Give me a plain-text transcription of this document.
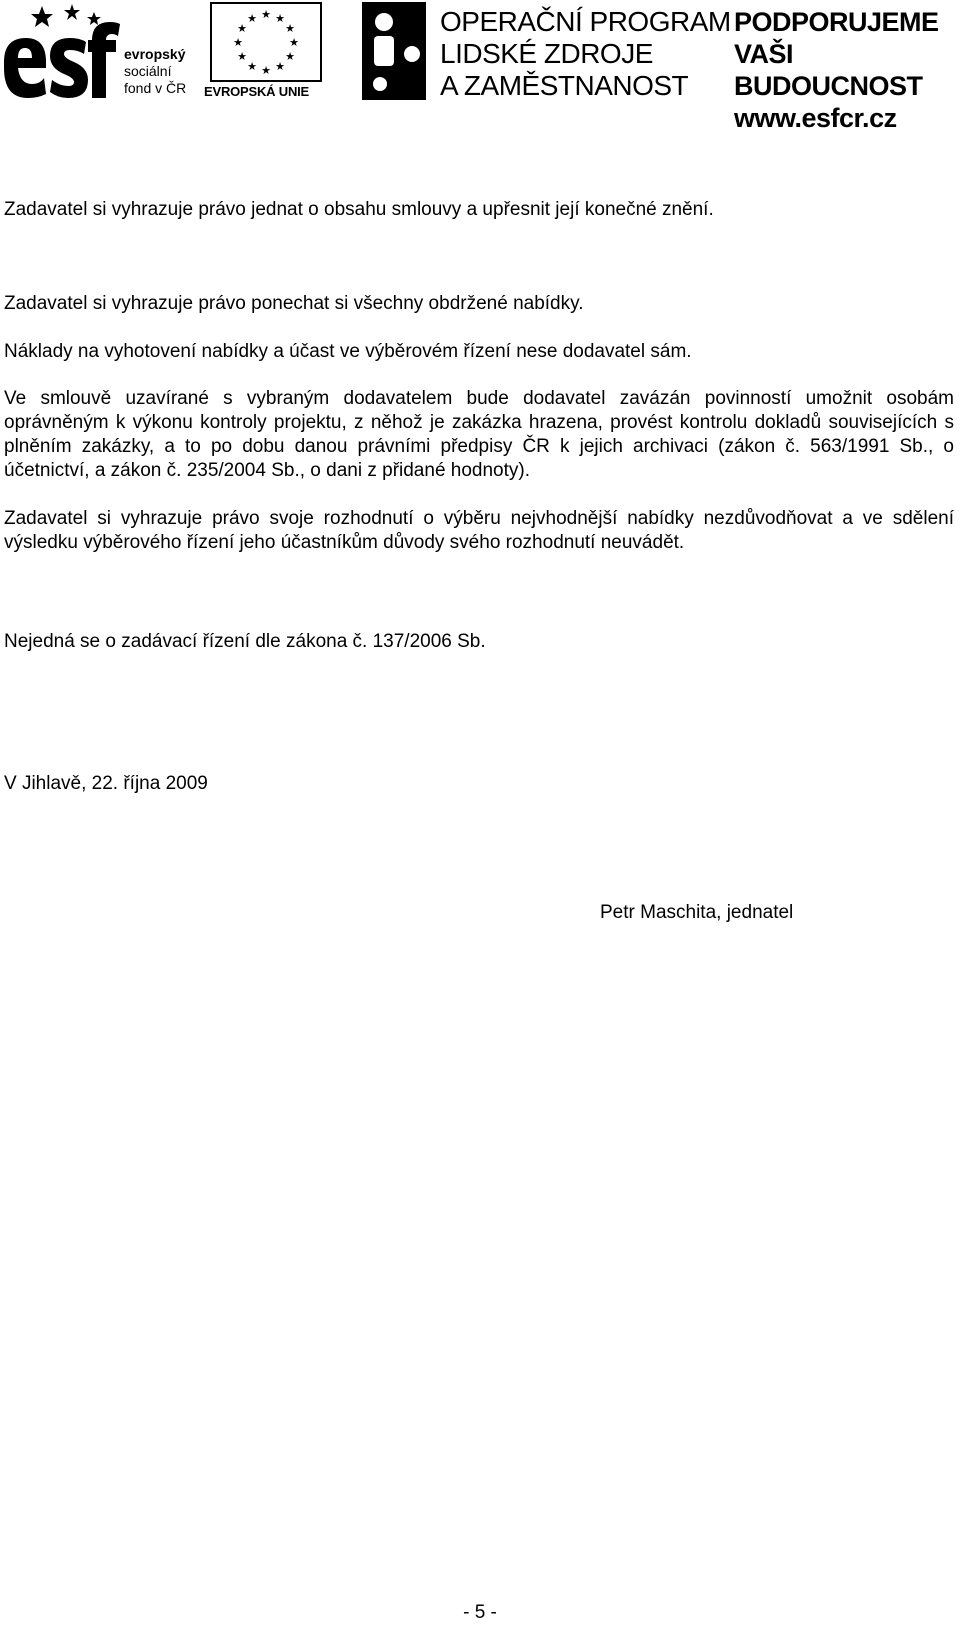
evropský
sociální
fond v ČR
★ ★
★
★
★
★
★
★
★
★
★
★
EVROPSKÁ UNIE
OPERAČNÍ PROGRAM
LIDSKÉ ZDROJE
A ZAMĚSTNANOST
PODPORUJEME
VAŠI BUDOUCNOST
www.esfcr.cz

Zadavatel si vyhrazuje právo jednat o obsahu smlouvy a upřesnit její konečné znění.

Zadavatel si vyhrazuje právo ponechat si všechny obdržené nabídky.

Náklady na vyhotovení nabídky a účast ve výběrovém řízení nese dodavatel sám.

Ve smlouvě uzavírané s vybraným dodavatelem bude dodavatel zavázán povinností umožnit osobám oprávněným k výkonu kontroly projektu, z něhož je zakázka hrazena, provést kontrolu dokladů souvisejících s plněním zakázky, a to po dobu danou právními předpisy ČR k jejich archivaci (zákon č. 563/1991 Sb., o účetnictví, a zákon č. 235/2004 Sb., o dani z přidané hodnoty).

Zadavatel si vyhrazuje právo svoje rozhodnutí o výběru nejvhodnější nabídky nezdůvodňovat a ve sdělení výsledku výběrového řízení jeho účastníkům důvody svého rozhodnutí neuvádět.

Nejedná se o zadávací řízení dle zákona č. 137/2006 Sb.

V Jihlavě, 22. října 2009

Petr Maschita, jednatel
- 5 -
